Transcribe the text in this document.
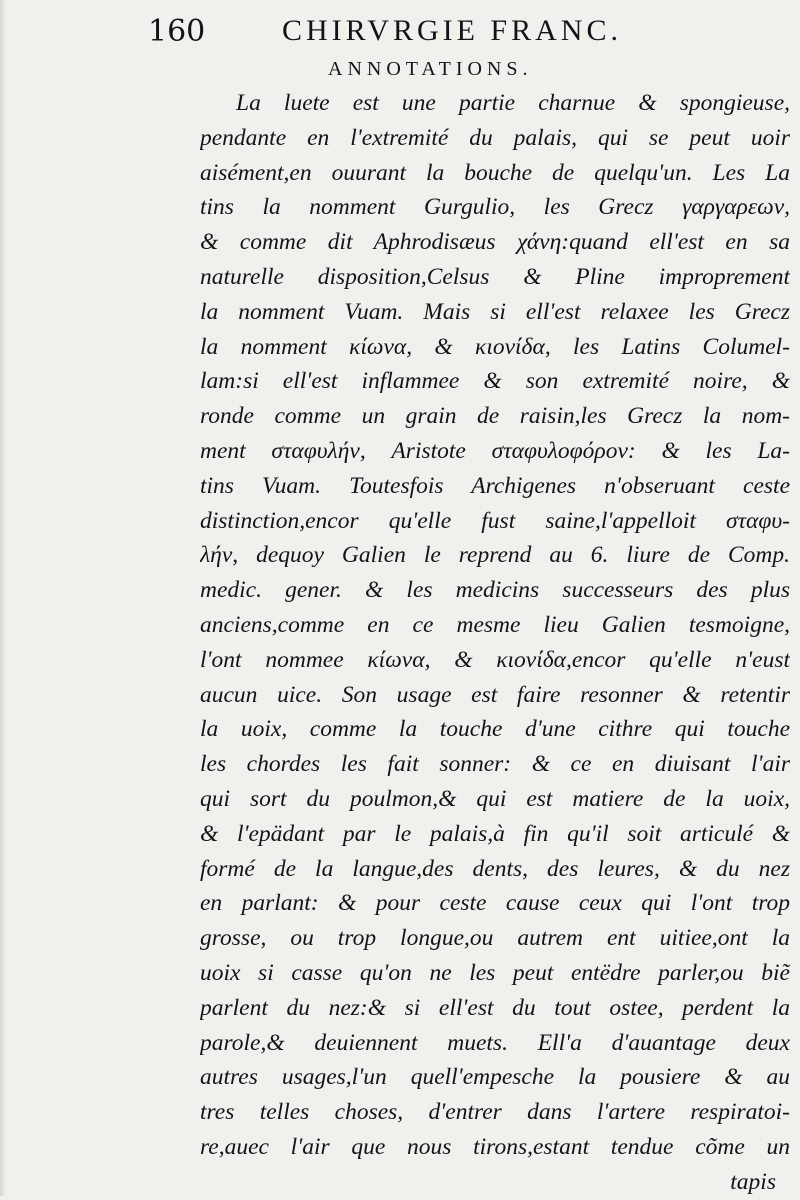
160	CHIRVRGIE FRANC.
ANNOTATIONS.
La luete est une partie charnue & spongieuse,
pendante en l'extremité du palais, qui se peut uoir
aisément,en ouurant la bouche de quelqu'un. Les La
tins la nomment Gurgulio, les Grecz γαργαρεων,
& comme dit Aphrodisæus χάνη:quand ell'est en sa
naturelle disposition,Celsus & Pline improprement
la nomment Vuam. Mais si ell'est relaxee les Grecz
la nomment κίωνα, & κιονίδα, les Latins Columel-
lam:si ell'est inflammee & son extremité noire, &
ronde comme un grain de raisin,les Grecz la nom-
ment σταφυλήν, Aristote σταφυλοφόρον: & les La-
tins Vuam. Toutesfois Archigenes n'obseruant ceste
distinction,encor qu'elle fust saine,l'appelloit σταφυ-
λήν, dequoy Galien le reprend au 6. liure de Comp.
medic. gener. & les medicins successeurs des plus
anciens,comme en ce mesme lieu Galien tesmoigne,
l'ont nommee κίωνα, & κιονίδα,encor qu'elle n'eust
aucun uice. Son usage est faire resonner & retentir
la uoix, comme la touche d'une cithre qui touche
les chordes les fait sonner: & ce en diuisant l'air
qui sort du poulmon,& qui est matiere de la uoix,
& l'epädant par le palais,à fin qu'il soit articulé &
formé de la langue,des dents, des leures, & du nez
en parlant: & pour ceste cause ceux qui l'ont trop
grosse, ou trop longue,ou autrem ent uitiee,ont la
uoix si casse qu'on ne les peut entëdre parler,ou biẽ
parlent du nez:& si ell'est du tout ostee, perdent la
parole,& deuiennent muets. Ell'a d'auantage deux
autres usages,l'un quell'empesche la pousiere & au
tres telles choses, d'entrer dans l'artere respiratoi-
re,auec l'air que nous tirons,estant tendue cõme un
tapis
